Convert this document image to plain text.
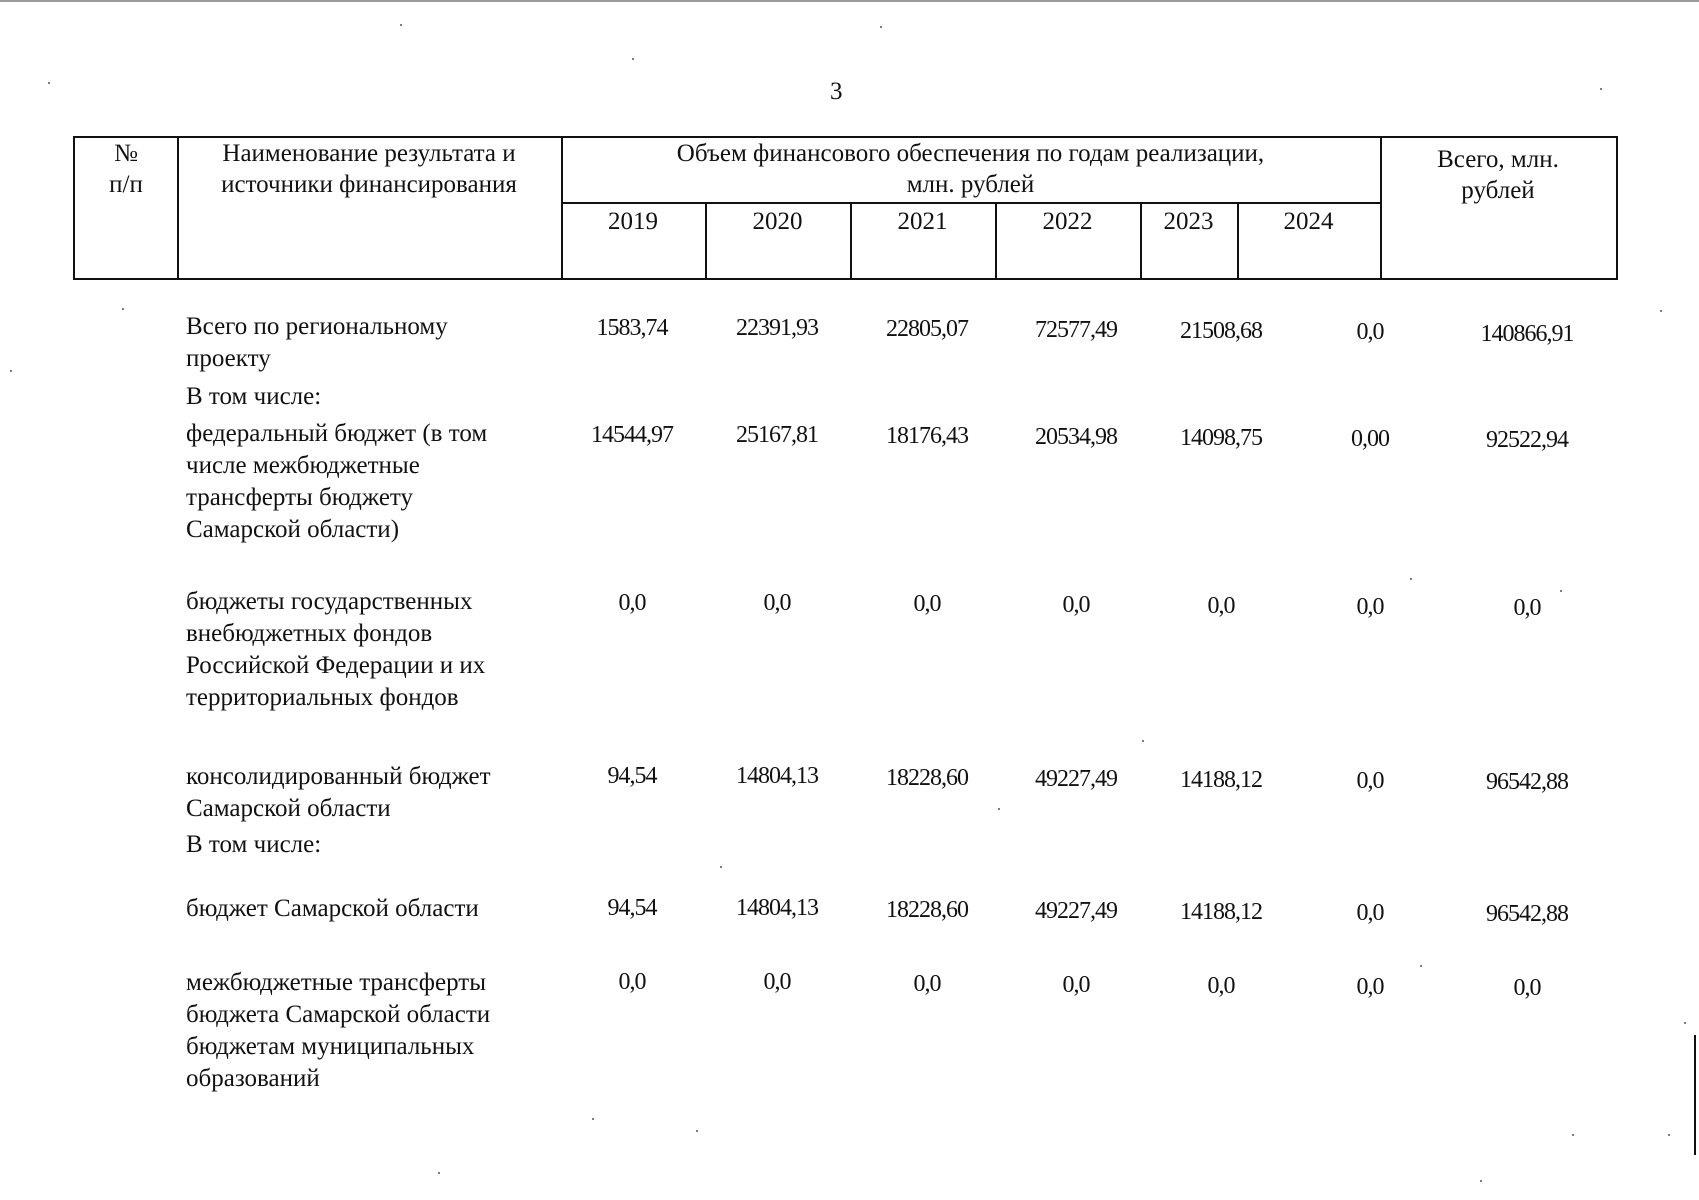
3
№
п/п
Наименование результата и
источники финансирования
Объем финансового обеспечения по годам реализации,
млн. рублей
Всего, млн.
рублей
2019	2020	2021	2022	2023	2024
Всего по региональному
проекту
1583,74	22391,93	22805,07	72577,49	21508,68	0,0	140866,91
В том числе:
федеральный бюджет (в том
числе межбюджетные
трансферты бюджету
Самарской области)
14544,97	25167,81	18176,43	20534,98	14098,75	0,00	92522,94
бюджеты государственных
внебюджетных фондов
Российской Федерации и их
территориальных фондов
0,0	0,0	0,0	0,0	0,0	0,0	0,0
консолидированный бюджет
Самарской области
94,54	14804,13	18228,60	49227,49	14188,12	0,0	96542,88
В том числе:
бюджет Самарской области	94,54	14804,13	18228,60	49227,49	14188,12	0,0	96542,88
межбюджетные трансферты
бюджета Самарской области
бюджетам муниципальных
образований
0,0	0,0	0,0	0,0	0,0	0,0	0,0
